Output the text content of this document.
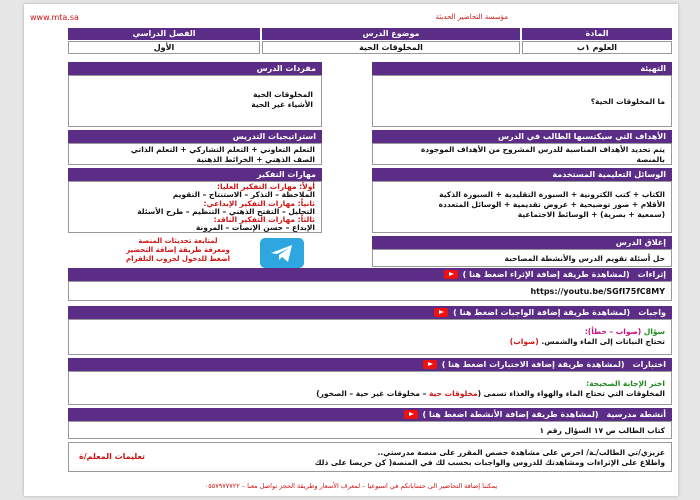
www.mta.sa	مؤسسة التحاضير الحديثة
المادة
موضوع الدرس
الفصل الدراسي
العلوم ١ب
المخلوقات الحية
الأول
التهيئة
ما المخلوقات الحية؟
الأهداف التي سيكتسبها الطالب في الدرس
يتم تحديد الأهداف المناسبة للدرس المشروح من الأهداف الموجودة
بالمنصة
الوسائل التعليمية المستخدمة
الكتاب + كتب الكترونية + السبورة التقليدية + السبورة الذكية
الأقلام + صور توضيحية + عروض تقديمية + الوسائل المتعددة
(سمعية + بصرية) + الوسائط الاجتماعية
إغلاق الدرس
حل أسئلة تقويم الدرس والأنشطة المصاحبة
مفردات الدرس
المخلوقات الحية
الأشياء غير الحية
استراتيجيات التدريس
التعلم التعاوني + التعلم التشاركي + التعلم الذاتي
الصف الذهني + الخرائط الذهنية
مهارات التفكير
أولاً: مهارات التفكير العليا:
الملاحظة – التذكر – الاستنتاج – التقويم
ثانياً: مهارات التفكير الإبداعي:
التحليل – التفتح الذهني – التنظيم – طرح الأسئلة
ثالثاً: مهارات التفكير الناقد:
الإبداع – حسن الإنصات – المرونة
لمتابعة تحديثات المنصة
ومعرفة طريقة إضافة التحضير
اضغط للدخول لجروب التلقرام
إثراءات
(لمشاهدة طريقة إضافة الإثراء اضغط هنا )
https://youtu.be/SGfI75fC8MY
واجبات
(لمشاهدة طريقة إضافة الواجبات اضغط هنا )
سؤال (صواب – خطأ):
تحتاج النباتات إلى الماء والشمس. (صواب)
اختبارات
(لمشاهدة طريقة إضافة الاختبارات اضغط هنا )
اختر الإجابة الصحيحة:
المخلوقات التي تحتاج الماء والهواء والغذاء تسمى (مخلوقات حية – مخلوقات غير حية – الصخور)
أنشطة مدرسية
(لمشاهدة طريقة إضافة الأنشطة اضغط هنا )
كتاب الطالب ص ١٧ السؤال رقم ١
عزيزي/تي الطالب/ـة/ احرص على مشاهدة حصص المقرر على منصة مدرستي..
واطلاع على الإثراءات ومشاهدتك للدروس والواجبات بحسب لك في المنصة( كن حريصا على ذلك
تعليمات المعلم/ة
يمكننا إضافة التحاضير الى حساباتكم في اسبوعيا – لمعرف الأسعار وطريقة الحجز تواصل معنا – ٠٥٥٧٩٧٧٧٢٢
